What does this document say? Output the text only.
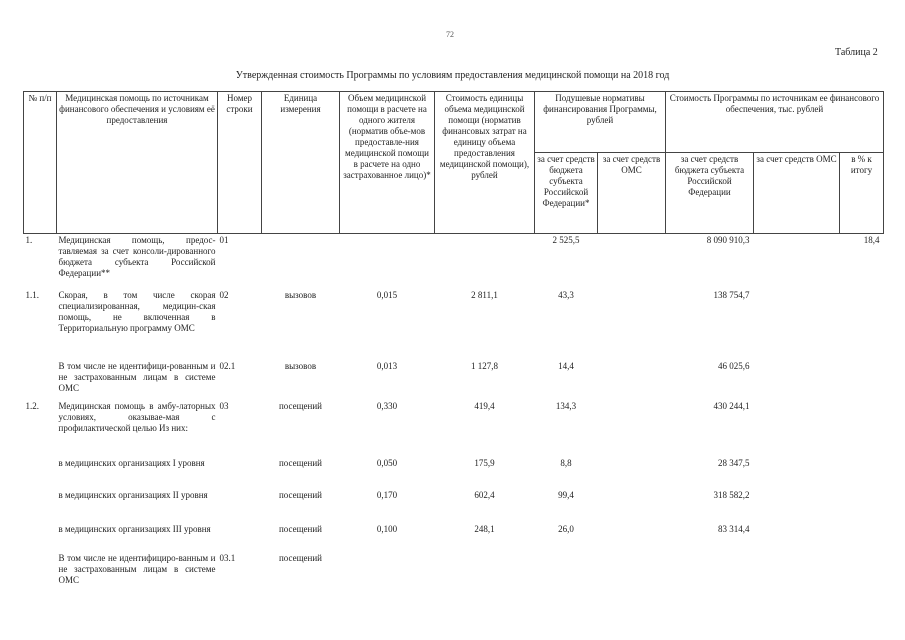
72
Таблица 2
Утвержденная стоимость Программы по условиям предоставления медицинской помощи на 2018 год
№ п/п	Медицинская помощь по источникам финансового обеспечения и условиям её предоставления	Номер строки	Единица измерения	Объем медицинской помощи в расчете на одного жителя (норматив объе-мов предоставле-ния медицинской помощи в расчете на одно застрахованное лицо)*	Стоимость единицы объема медицинской помощи (норматив финансовых затрат на единицу объема предоставления медицинской помощи), рублей	Подушевые нормативы финансирования Программы, рублей		Стоимость Программы по источникам ее финансового обеспечения, тыс. рублей		
						за счет средств бюджета субъекта Российской Федерации*	за счет средств ОМС	за счет средств бюджета субъекта Российской Федерации	за счет средств ОМС	в % к итогу
1.	Медицинская помощь, предос-тавляемая за счет консоли-дированного бюджета субъекта Российской Федерации**	01				2 525,5		8 090 910,3		18,4
1.1.	Скорая, в том числе скорая специализированная, медицин-ская помощь, не включенная в Территориальную программу ОМС	02	вызовов	0,015	2 811,1	43,3		138 754,7		
	В том числе не идентифици-рованным и не застрахованным лицам в системе ОМС	02.1	вызовов	0,013	1 127,8	14,4		46 025,6		
1.2.	Медицинская помощь в амбу-латорных условиях, оказывае-мая с профилактической целью Из них:	03	посещений	0,330	419,4	134,3		430 244,1		
	в медицинских организациях I уровня		посещений	0,050	175,9	8,8		28 347,5		
	в медицинских организациях II уровня		посещений	0,170	602,4	99,4		318 582,2		
	в медицинских организациях III уровня		посещений	0,100	248,1	26,0		83 314,4		
	В том числе не идентифициро-ванным и не застрахованным лицам в системе ОМС	03.1	посещений							
